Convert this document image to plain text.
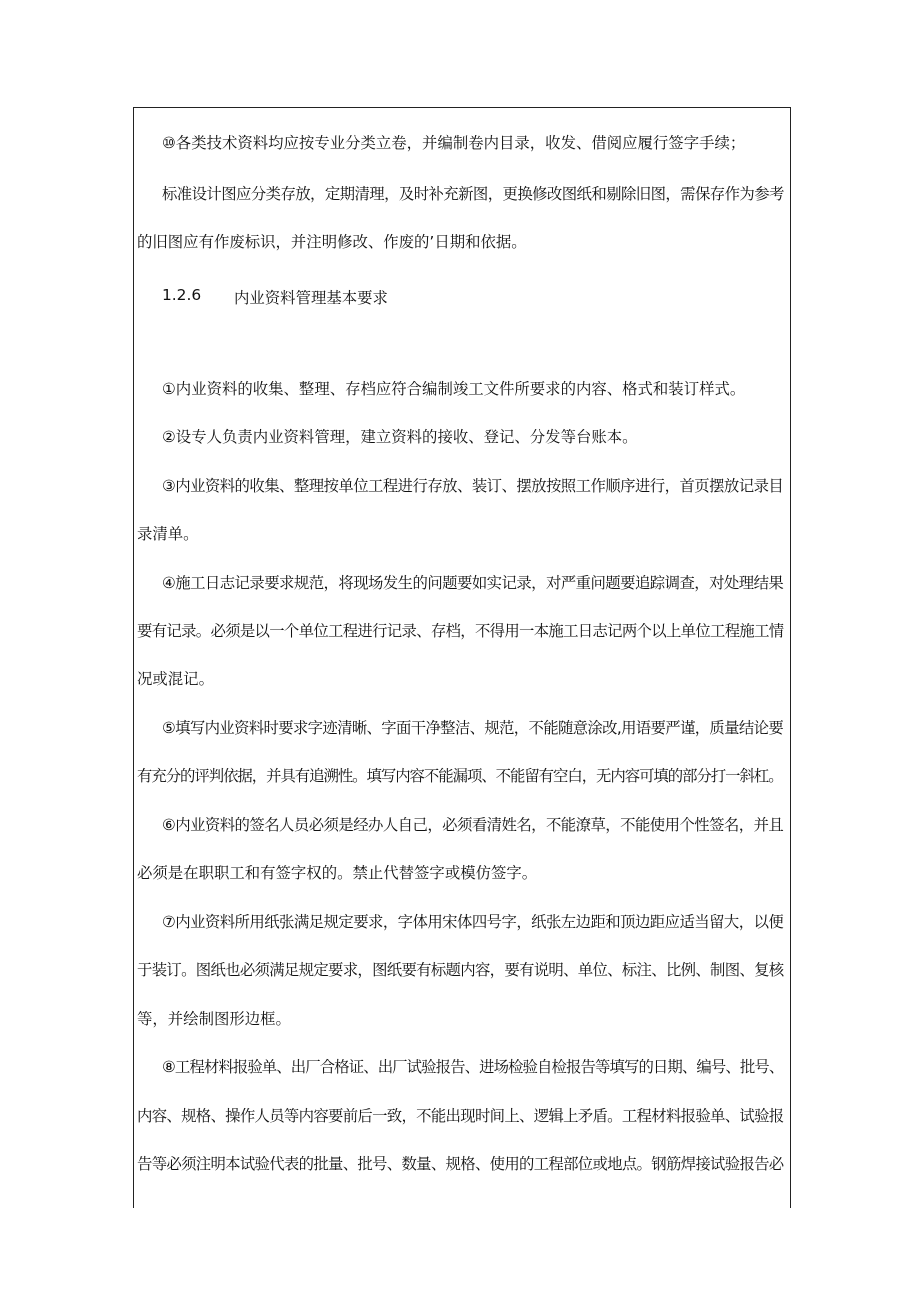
⑩各类技术资料均应按专业分类立卷，并编制卷内目录，收发、借阅应履行签字手续；
标准设计图应分类存放，定期清理，及时补充新图，更换修改图纸和剔除旧图，需保存作为参考
的旧图应有作废标识，并注明修改、作废的’日期和依据。
1.2.6 内业资料管理基本要求
①内业资料的收集、整理、存档应符合编制竣工文件所要求的内容、格式和装订样式。
②设专人负责内业资料管理，建立资料的接收、登记、分发等台账本。
③内业资料的收集、整理按单位工程进行存放、装订、摆放按照工作顺序进行，首页摆放记录目
录清单。
④施工日志记录要求规范，将现场发生的问题要如实记录，对严重问题要追踪调查，对处理结果
要有记录。必须是以一个单位工程进行记录、存档，不得用一本施工日志记两个以上单位工程施工情
况或混记。
⑤填写内业资料时要求字迹清晰、字面干净整洁、规范，不能随意涂改,用语要严谨，质量结论要
有充分的评判依据，并具有追溯性。填写内容不能漏项、不能留有空白，无内容可填的部分打一斜杠。
⑥内业资料的签名人员必须是经办人自己，必须看清姓名，不能潦草，不能使用个性签名，并且
必须是在职职工和有签字权的。禁止代替签字或模仿签字。
⑦内业资料所用纸张满足规定要求，字体用宋体四号字，纸张左边距和顶边距应适当留大，以便
于装订。图纸也必须满足规定要求，图纸要有标题内容，要有说明、单位、标注、比例、制图、复核
等，并绘制图形边框。
⑧工程材料报验单、出厂合格证、出厂试验报告、进场检验自检报告等填写的日期、编号、批号、
内容、规格、操作人员等内容要前后一致，不能出现时间上、逻辑上矛盾。工程材料报验单、试验报
告等必须注明本试验代表的批量、批号、数量、规格、使用的工程部位或地点。钢筋焊接试验报告必
